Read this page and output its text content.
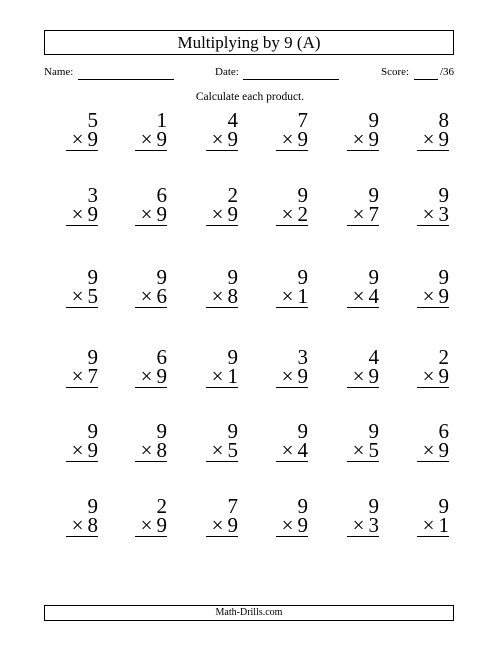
Multiplying by 9 (A)
Name:	Date:	Score:	/36
Calculate each product.
5
× 9
1
× 9
4
× 9
7
× 9
9
× 9
8
× 9
3
× 9
6
× 9
2
× 9
9
× 2
9
× 7
9
× 3
9
× 5
9
× 6
9
× 8
9
× 1
9
× 4
9
× 9
9
× 7
6
× 9
9
× 1
3
× 9
4
× 9
2
× 9
9
× 9
9
× 8
9
× 5
9
× 4
9
× 5
6
× 9
9
× 8
2
× 9
7
× 9
9
× 9
9
× 3
9
× 1
Math-Drills.com
